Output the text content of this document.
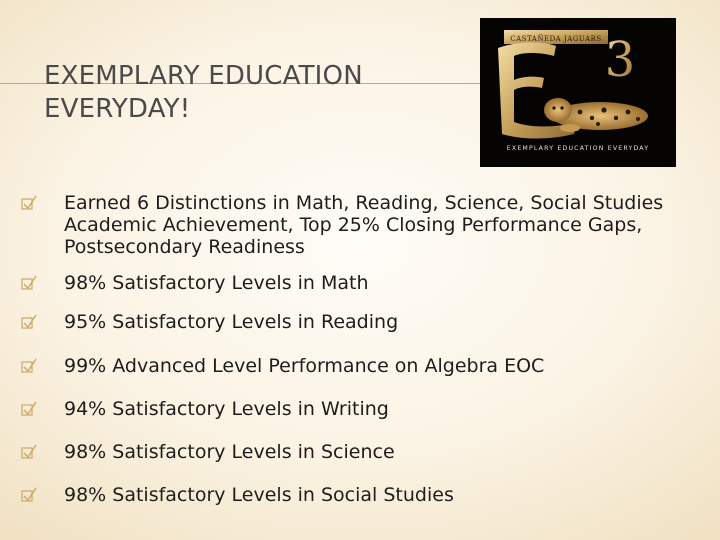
EXEMPLARY EDUCATION
EVERYDAY!
CASTAÑEDA JAGUARS 3
EXEMPLARY EDUCATION EVERYDAY
Earned 6 Distinctions in Math, Reading, Science, Social Studies Academic Achievement, Top 25% Closing Performance Gaps, Postsecondary Readiness
98% Satisfactory Levels in Math
95% Satisfactory Levels in Reading
99% Advanced Level Performance on Algebra EOC
94% Satisfactory Levels in Writing
98% Satisfactory Levels in Science
98% Satisfactory Levels in Social Studies
